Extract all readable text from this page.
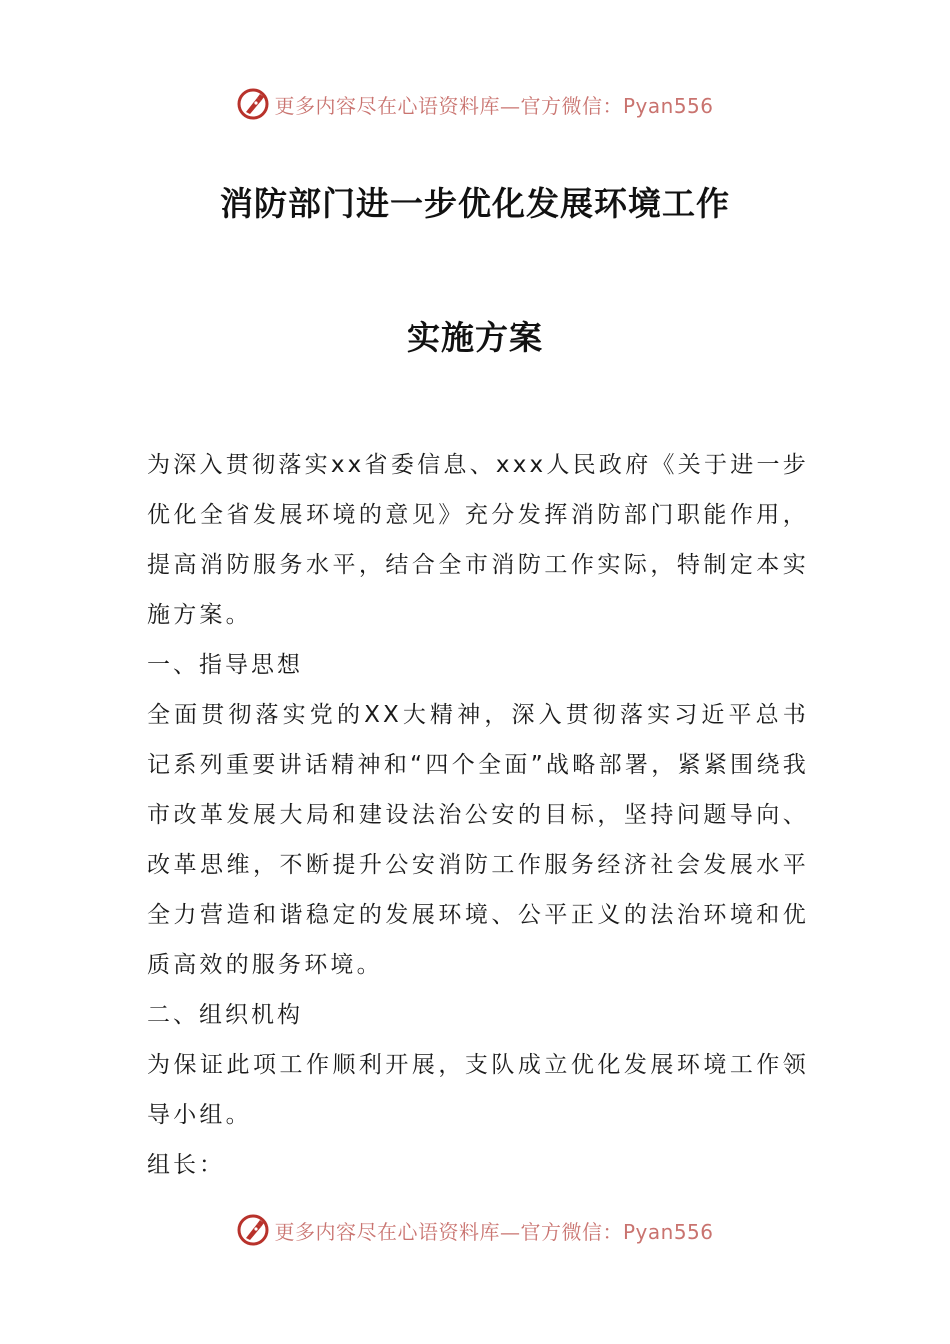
更多内容尽在心语资料库—官方微信：Pyan556
消防部门进一步优化发展环境工作
实施方案

为深入贯彻落实xx省委信息、xxx人民政府《关于进一步优化全省发展环境的意见》充分发挥消防部门职能作用，提高消防服务水平，结合全市消防工作实际，特制定本实施方案。

一、指导思想

全面贯彻落实党的XX大精神，深入贯彻落实习近平总书记系列重要讲话精神和“四个全面”战略部署，紧紧围绕我市改革发展大局和建设法治公安的目标，坚持问题导向、改革思维，不断提升公安消防工作服务经济社会发展水平全力营造和谐稳定的发展环境、公平正义的法治环境和优质高效的服务环境。

二、组织机构

为保证此项工作顺利开展，支队成立优化发展环境工作领导小组。

组长：

更多内容尽在心语资料库—官方微信：Pyan556
